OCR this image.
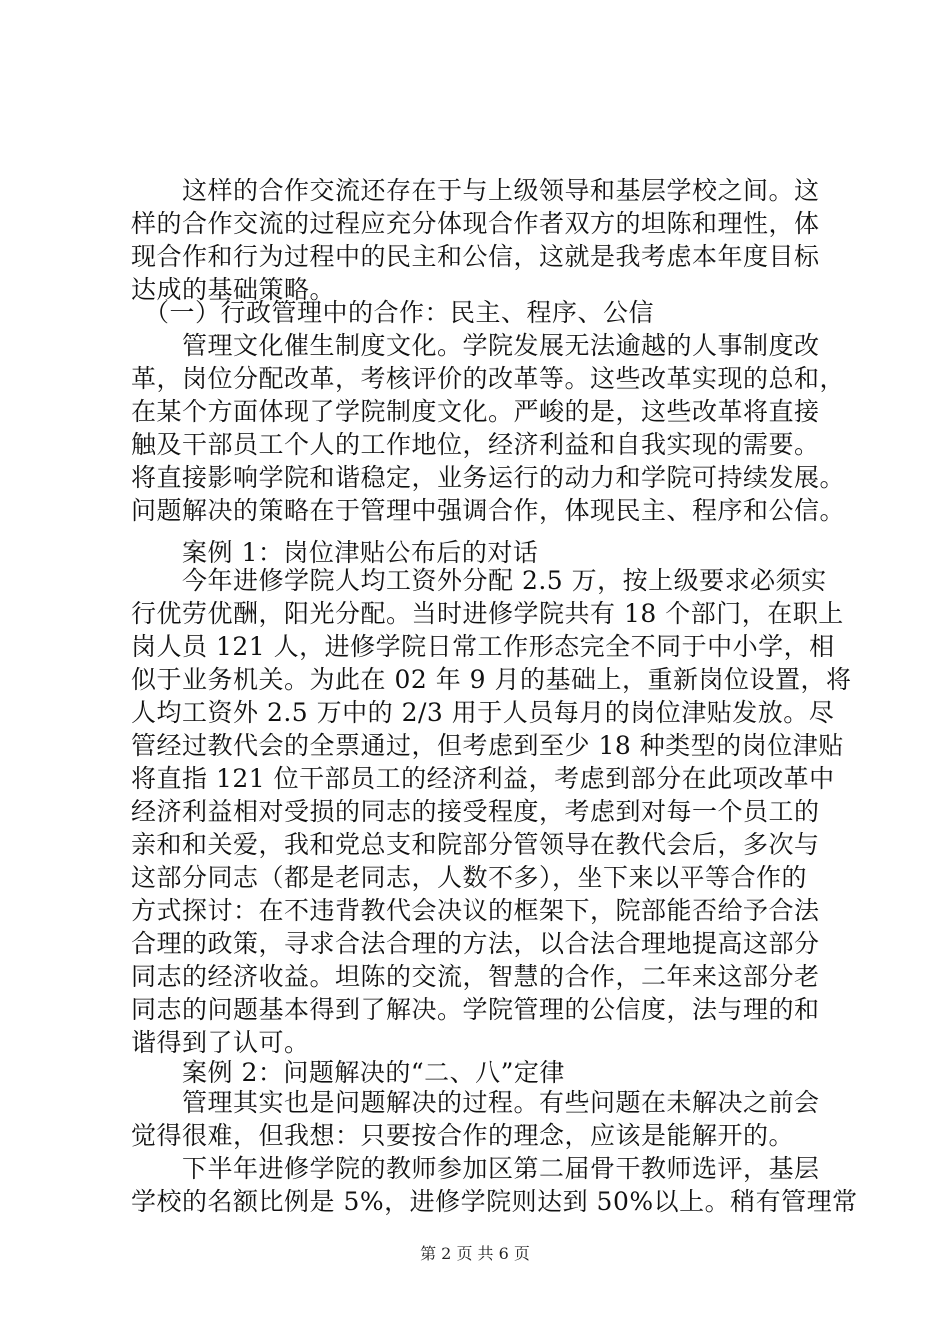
　　这样的合作交流还存在于与上级领导和基层学校之间。这
样的合作交流的过程应充分体现合作者双方的坦陈和理性，体
现合作和行为过程中的民主和公信，这就是我考虑本年度目标
达成的基础策略。
　（一）行政管理中的合作：民主、程序、公信
　　管理文化催生制度文化。学院发展无法逾越的人事制度改
革，岗位分配改革，考核评价的改革等。这些改革实现的总和，
在某个方面体现了学院制度文化。严峻的是，这些改革将直接
触及干部员工个人的工作地位，经济利益和自我实现的需要。
将直接影响学院和谐稳定，业务运行的动力和学院可持续发展。
问题解决的策略在于管理中强调合作，体现民主、程序和公信。
　　案例 1：岗位津贴公布后的对话
　　今年进修学院人均工资外分配 2.5 万，按上级要求必须实
行优劳优酬，阳光分配。当时进修学院共有 18 个部门，在职上
岗人员 121 人，进修学院日常工作形态完全不同于中小学，相
似于业务机关。为此在 02 年 9 月的基础上，重新岗位设置，将
人均工资外 2.5 万中的 2/3 用于人员每月的岗位津贴发放。尽
管经过教代会的全票通过，但考虑到至少 18 种类型的岗位津贴
将直指 121 位干部员工的经济利益，考虑到部分在此项改革中
经济利益相对受损的同志的接受程度，考虑到对每一个员工的
亲和和关爱，我和党总支和院部分管领导在教代会后，多次与
这部分同志（都是老同志，人数不多），坐下来以平等合作的
方式探讨：在不违背教代会决议的框架下，院部能否给予合法
合理的政策，寻求合法合理的方法，以合法合理地提高这部分
同志的经济收益。坦陈的交流，智慧的合作，二年来这部分老
同志的问题基本得到了解决。学院管理的公信度，法与理的和
谐得到了认可。
　　案例 2：问题解决的“二、八”定律
　　管理其实也是问题解决的过程。有些问题在未解决之前会
觉得很难，但我想：只要按合作的理念，应该是能解开的。
　　下半年进修学院的教师参加区第二届骨干教师选评，基层
学校的名额比例是 5%，进修学院则达到 50%以上。稍有管理常
第 2 页 共 6 页
